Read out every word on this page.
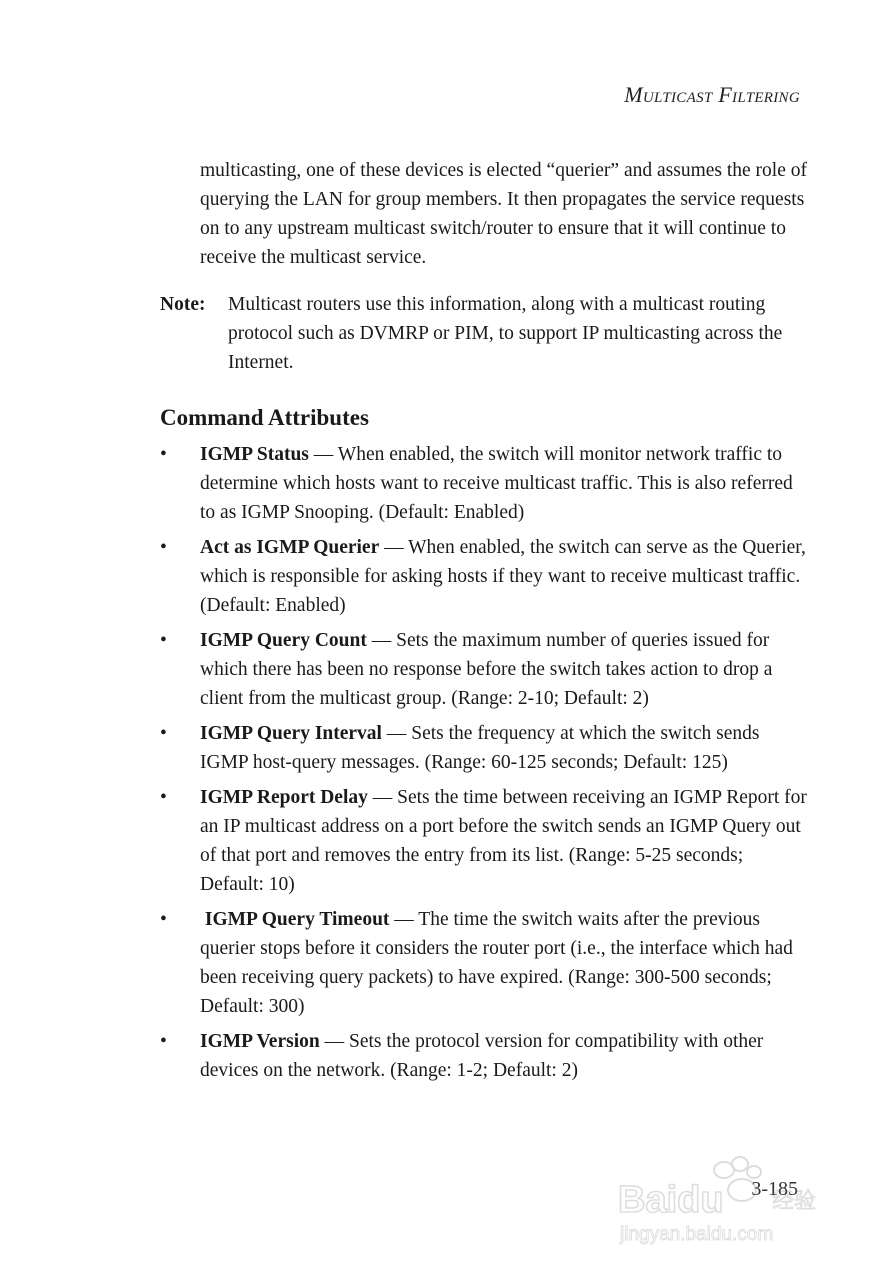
Multicast Filtering

multicasting, one of these devices is elected “querier” and assumes the role of querying the LAN for group members. It then propagates the service requests on to any upstream multicast switch/router to ensure that it will continue to receive the multicast service.

Note: Multicast routers use this information, along with a multicast routing protocol such as DVMRP or PIM, to support IP multicasting across the Internet.
Command Attributes
• IGMP Status — When enabled, the switch will monitor network traffic to determine which hosts want to receive multicast traffic. This is also referred to as IGMP Snooping. (Default: Enabled)
• Act as IGMP Querier — When enabled, the switch can serve as the Querier, which is responsible for asking hosts if they want to receive multicast traffic. (Default: Enabled)
• IGMP Query Count — Sets the maximum number of queries issued for which there has been no response before the switch takes action to drop a client from the multicast group. (Range: 2-10; Default: 2)
• IGMP Query Interval — Sets the frequency at which the switch sends IGMP host-query messages. (Range: 60-125 seconds; Default: 125)
• IGMP Report Delay — Sets the time between receiving an IGMP Report for an IP multicast address on a port before the switch sends an IGMP Query out of that port and removes the entry from its list. (Range: 5-25 seconds; Default: 10)
• IGMP Query Timeout — The time the switch waits after the previous querier stops before it considers the router port (i.e., the interface which had been receiving query packets) to have expired. (Range: 300-500 seconds; Default: 300)
• IGMP Version — Sets the protocol version for compatibility with other devices on the network. (Range: 1-2; Default: 2)
3-185
Baidu 经验
jingyan.baidu.com
